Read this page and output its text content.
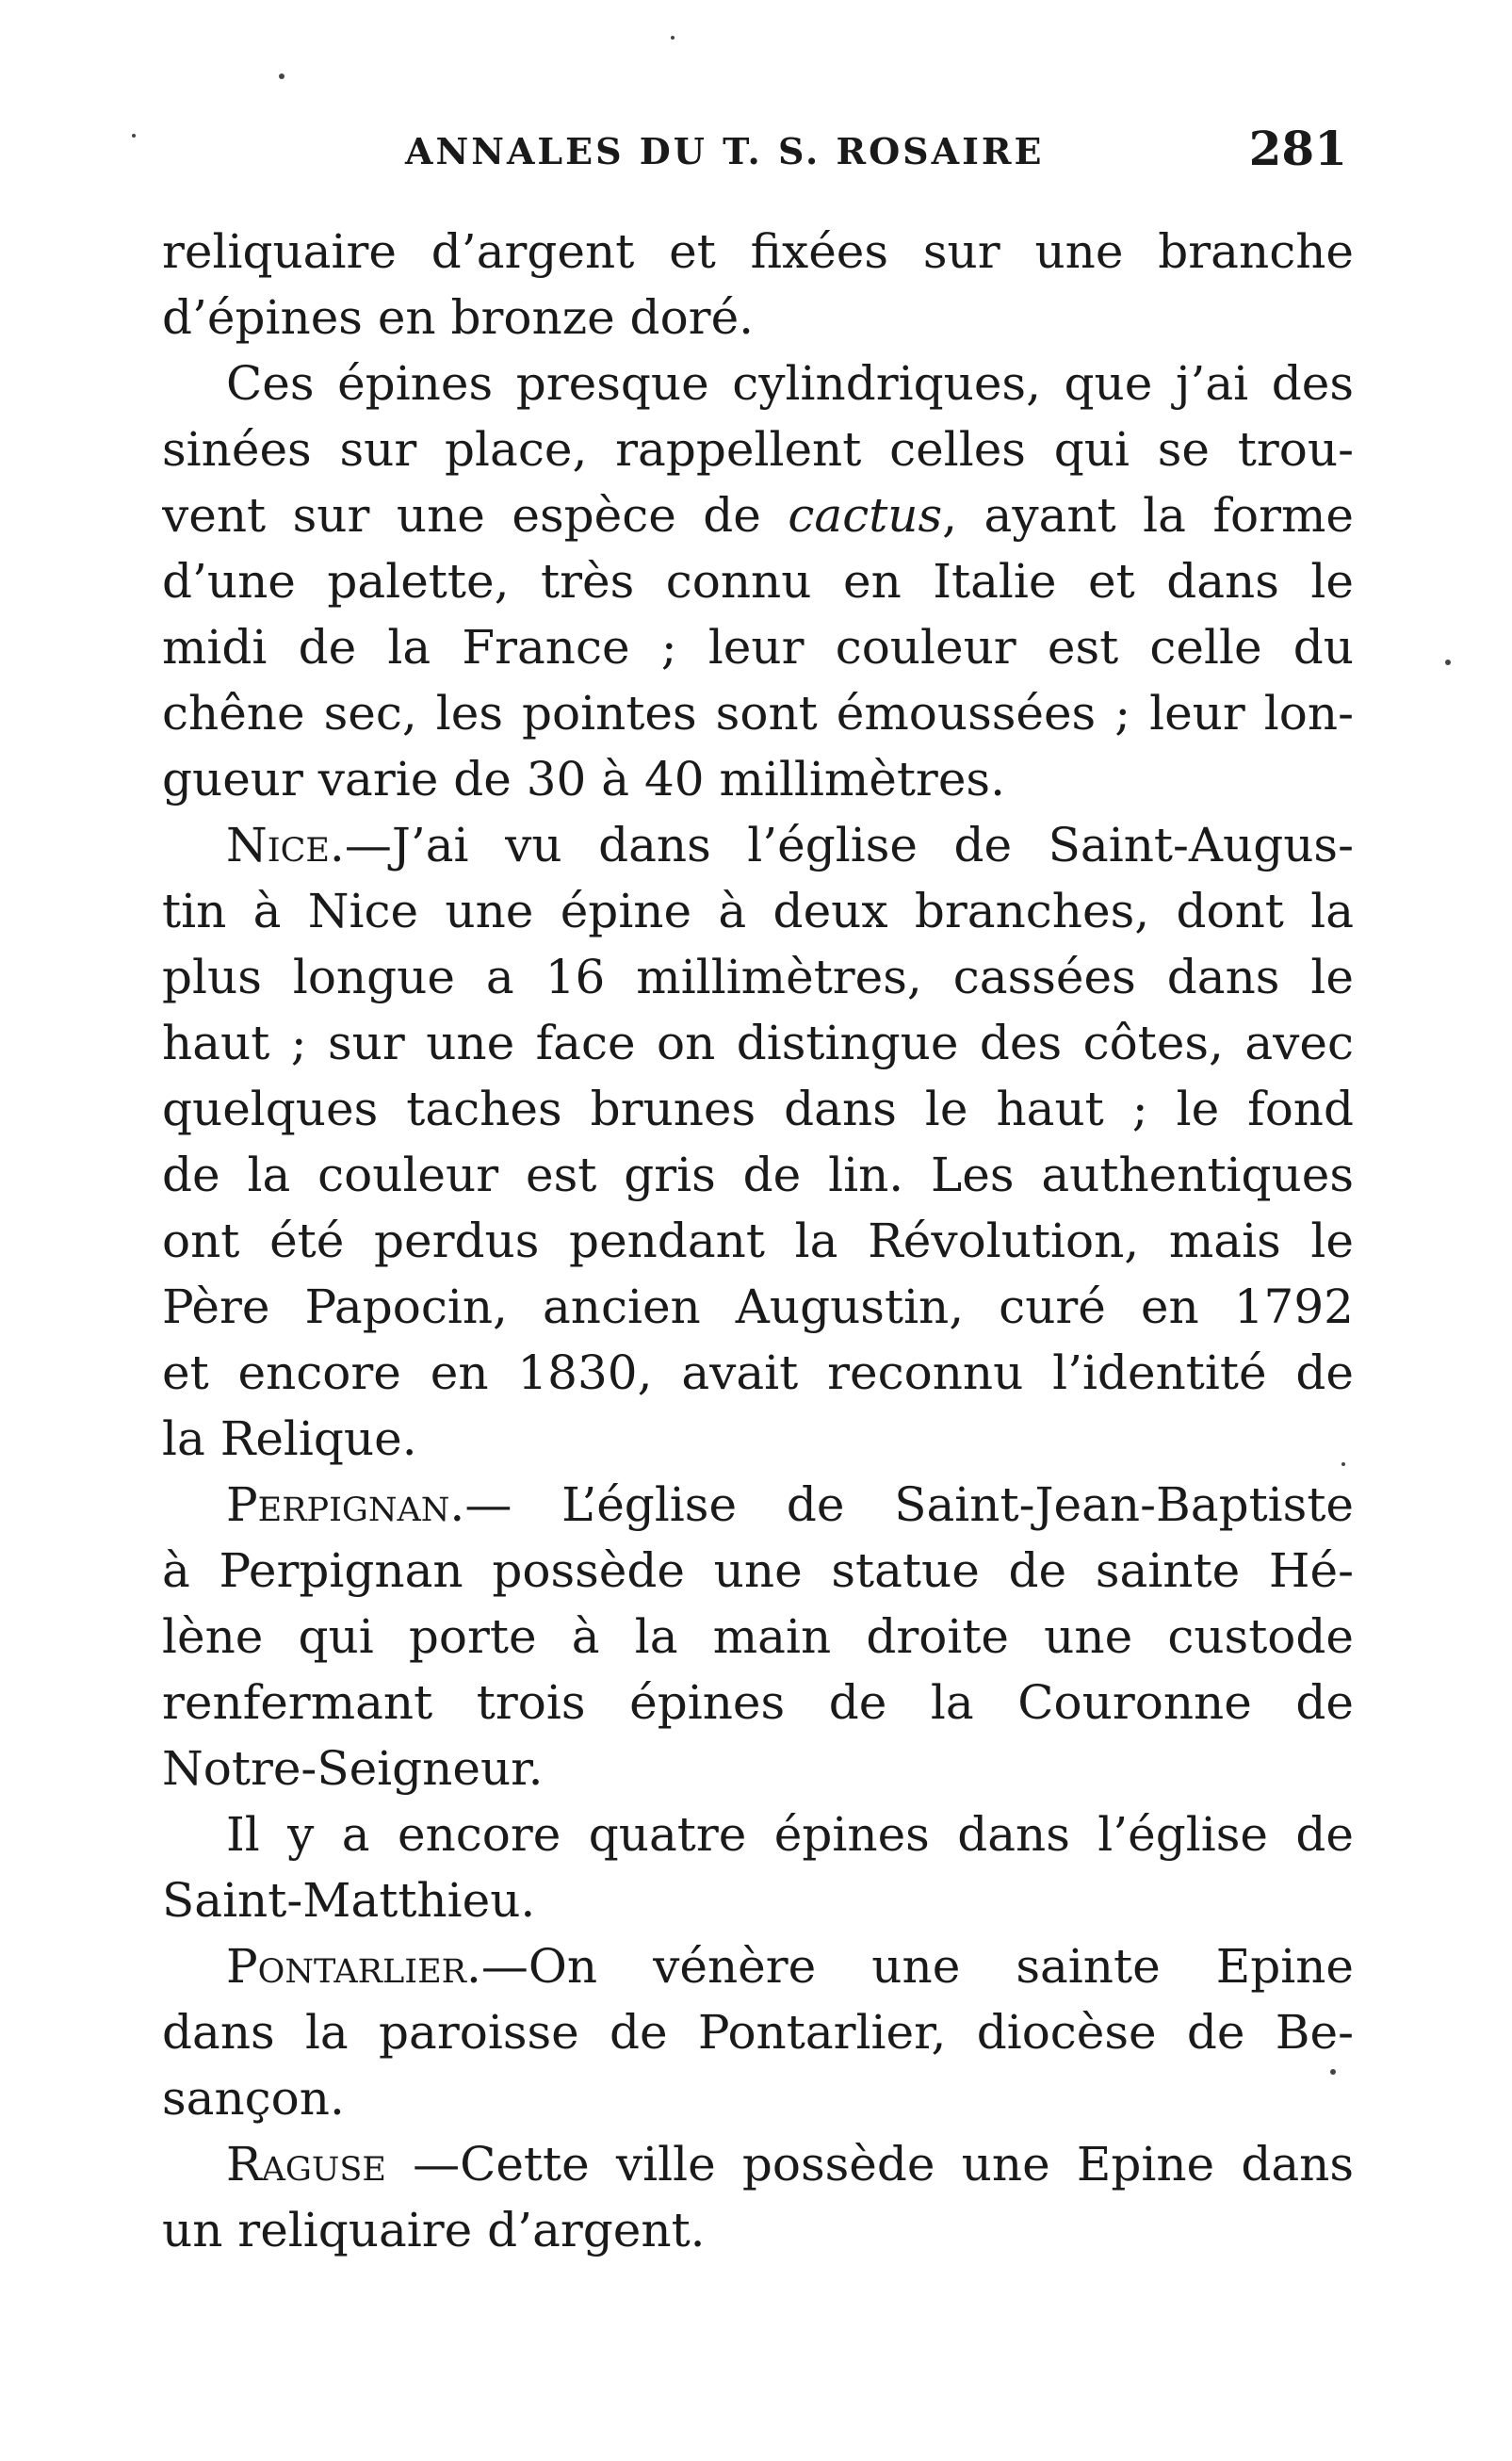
ANNALES DU T. S. ROSAIRE	281
reliquaire d’argent et fixées sur une branche
d’épines en bronze doré.
Ces épines presque cylindriques, que j’ai des
sinées sur place, rappellent celles qui se trou-
vent sur une espèce de cactus, ayant la forme
d’une palette, très connu en Italie et dans le
midi de la France ; leur couleur est celle du
chêne sec, les pointes sont émoussées ; leur lon-
gueur varie de 30 à 40 millimètres.
Nice.—J’ai vu dans l’église de Saint-Augus-
tin à Nice une épine à deux branches, dont la
plus longue a 16 millimètres, cassées dans le
haut ; sur une face on distingue des côtes, avec
quelques taches brunes dans le haut ; le fond
de la couleur est gris de lin. Les authentiques
ont été perdus pendant la Révolution, mais le
Père Papocin, ancien Augustin, curé en 1792
et encore en 1830, avait reconnu l’identité de
la Relique.
Perpignan.— L’église de Saint-Jean-Baptiste
à Perpignan possède une statue de sainte Hé-
lène qui porte à la main droite une custode
renfermant trois épines de la Couronne de
Notre-Seigneur.
Il y a encore quatre épines dans l’église de
Saint-Matthieu.
Pontarlier.—On vénère une sainte Epine
dans la paroisse de Pontarlier, diocèse de Be-
sançon.
Raguse —Cette ville possède une Epine dans
un reliquaire d’argent.
